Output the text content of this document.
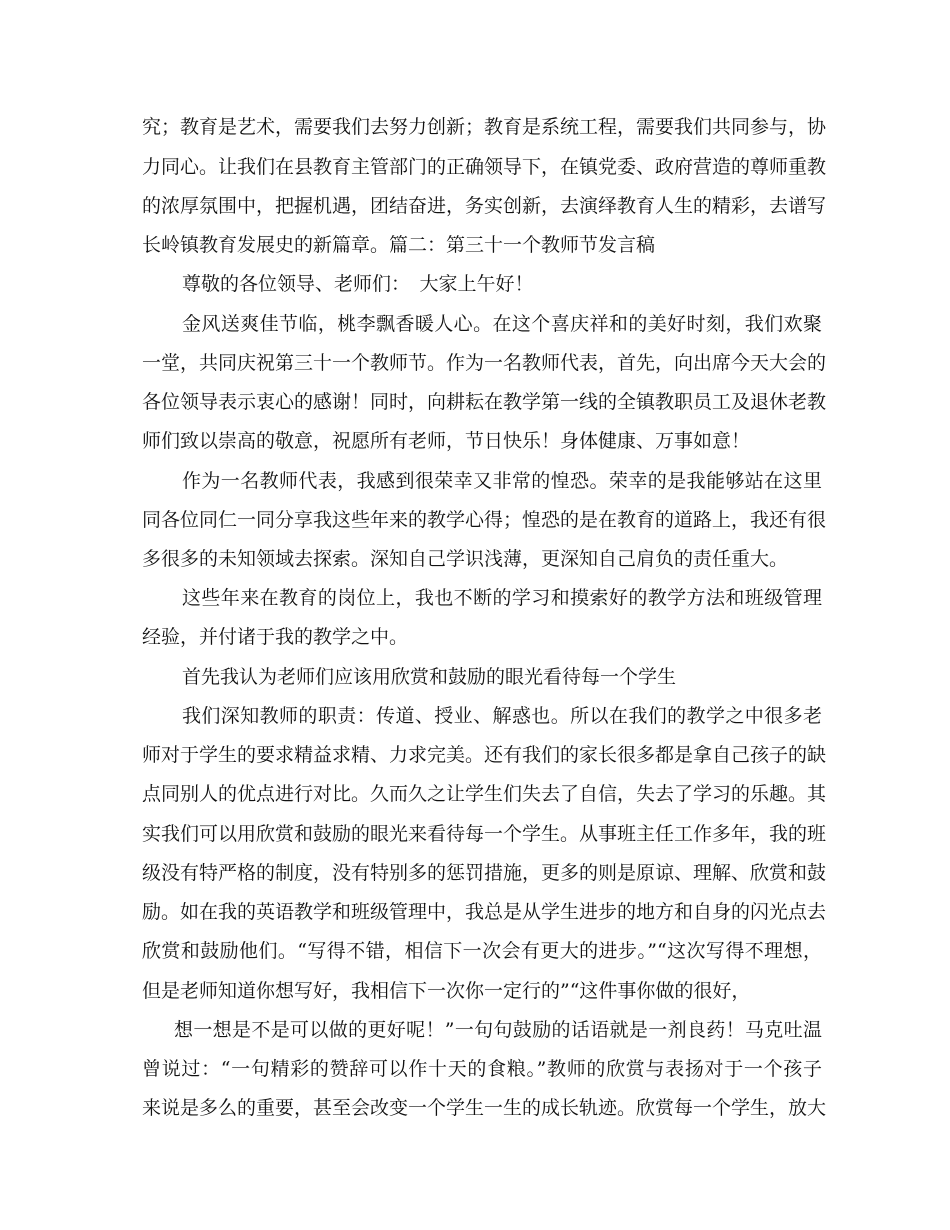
究；教育是艺术，需要我们去努力创新；教育是系统工程，需要我们共同参与，协
力同心。让我们在县教育主管部门的正确领导下，在镇党委、政府营造的尊师重教
的浓厚氛围中，把握机遇，团结奋进，务实创新，去演绎教育人生的精彩，去谱写
长岭镇教育发展史的新篇章。篇二：第三十一个教师节发言稿
尊敬的各位领导、老师们：　大家上午好！
金风送爽佳节临，桃李飘香暖人心。在这个喜庆祥和的美好时刻，我们欢聚
一堂，共同庆祝第三十一个教师节。作为一名教师代表，首先，向出席今天大会的
各位领导表示衷心的感谢！同时，向耕耘在教学第一线的全镇教职员工及退休老教
师们致以崇高的敬意，祝愿所有老师，节日快乐！身体健康、万事如意！
作为一名教师代表，我感到很荣幸又非常的惶恐。荣幸的是我能够站在这里
同各位同仁一同分享我这些年来的教学心得；惶恐的是在教育的道路上，我还有很
多很多的未知领域去探索。深知自己学识浅薄，更深知自己肩负的责任重大。
这些年来在教育的岗位上，我也不断的学习和摸索好的教学方法和班级管理
经验，并付诸于我的教学之中。
首先我认为老师们应该用欣赏和鼓励的眼光看待每一个学生
我们深知教师的职责：传道、授业、解惑也。所以在我们的教学之中很多老
师对于学生的要求精益求精、力求完美。还有我们的家长很多都是拿自己孩子的缺
点同别人的优点进行对比。久而久之让学生们失去了自信，失去了学习的乐趣。其
实我们可以用欣赏和鼓励的眼光来看待每一个学生。从事班主任工作多年，我的班
级没有特严格的制度，没有特别多的惩罚措施，更多的则是原谅、理解、欣赏和鼓
励。如在我的英语教学和班级管理中，我总是从学生进步的地方和自身的闪光点去
欣赏和鼓励他们。“写得不错，相信下一次会有更大的进步。”“这次写得不理想，
但是老师知道你想写好，我相信下一次你一定行的”“这件事你做的很好，
想一想是不是可以做的更好呢！”一句句鼓励的话语就是一剂良药！马克吐温
曾说过：“一句精彩的赞辞可以作十天的食粮。”教师的欣赏与表扬对于一个孩子
来说是多么的重要，甚至会改变一个学生一生的成长轨迹。欣赏每一个学生，放大
